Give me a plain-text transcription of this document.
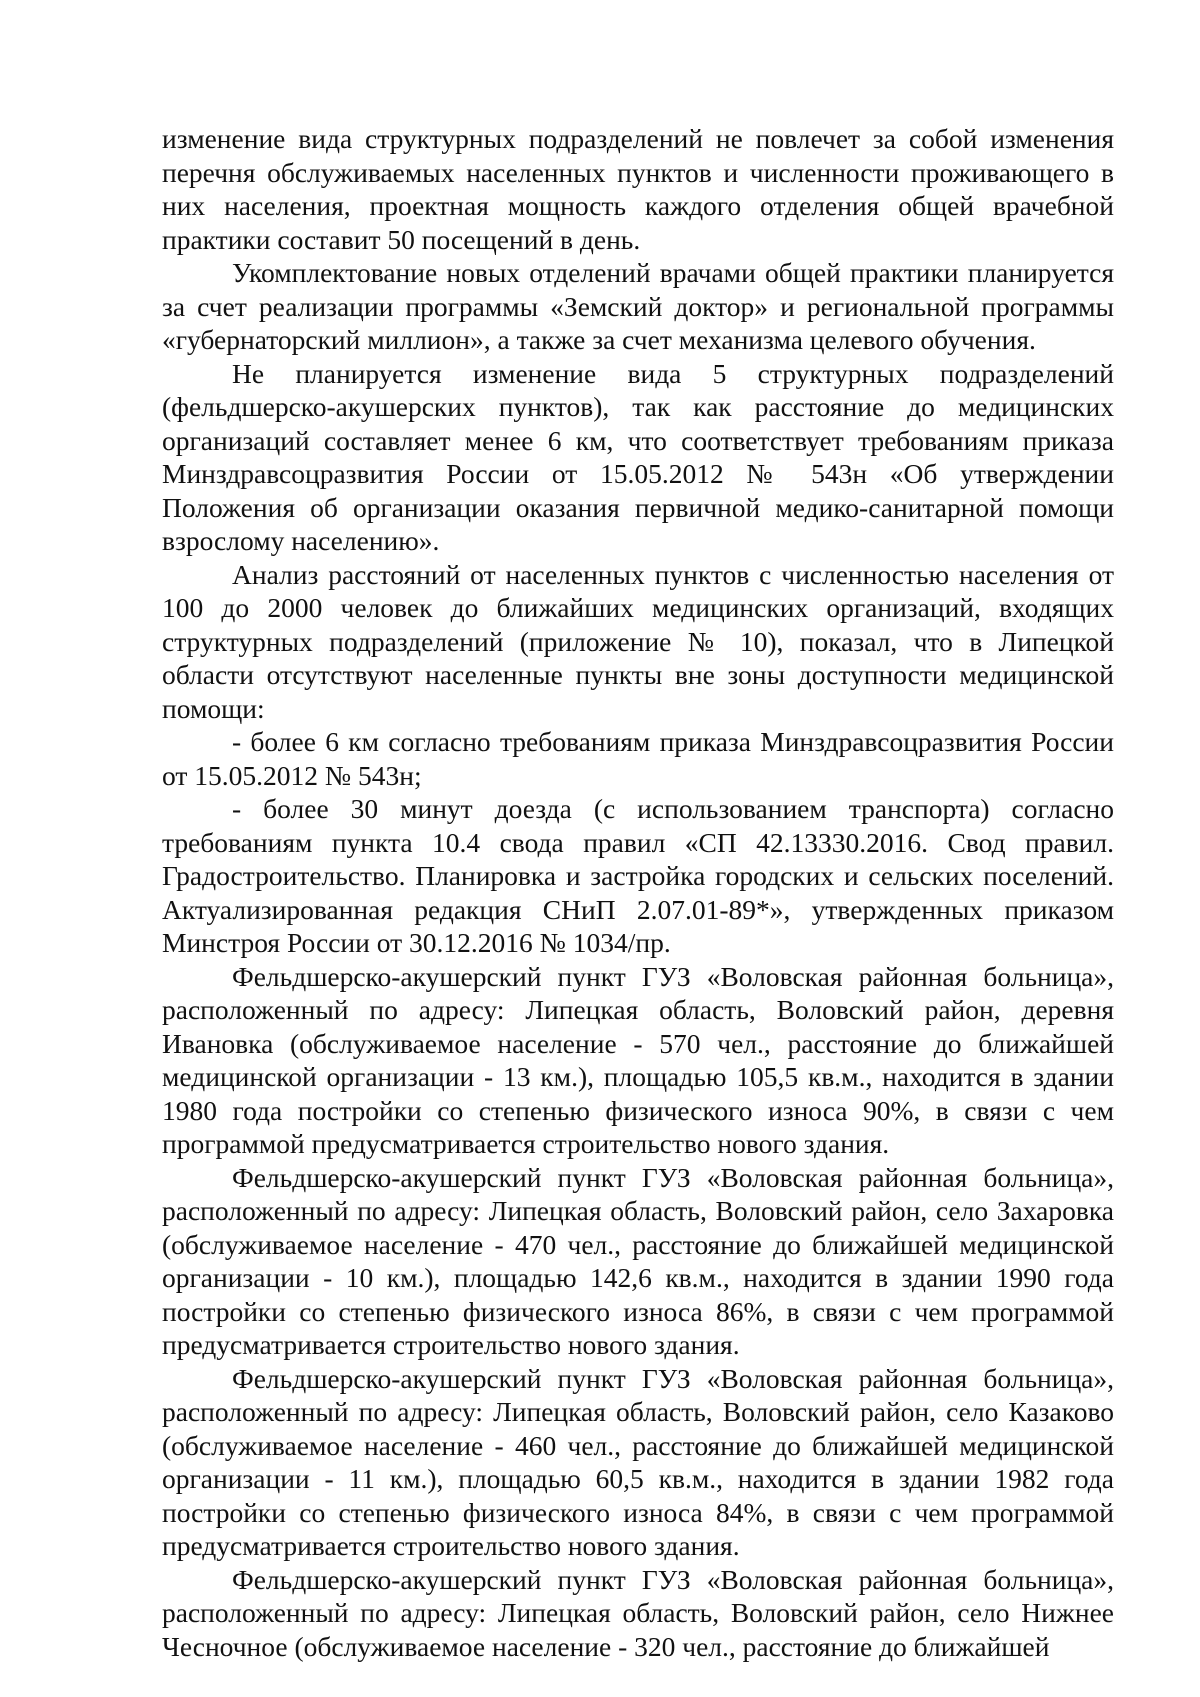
изменение вида структурных подразделений не повлечет за собой изменения перечня обслуживаемых населенных пунктов и численности проживающего в них населения, проектная мощность каждого отделения общей врачебной практики составит 50 посещений в день.

Укомплектование новых отделений врачами общей практики планируется за счет реализации программы «Земский доктор» и региональной программы «губернаторский миллион», а также за счет механизма целевого обучения.

Не планируется изменение вида 5 структурных подразделений (фельдшерско-акушерских пунктов), так как расстояние до медицинских организаций составляет менее 6 км, что соответствует требованиям приказа Минздравсоцразвития России от 15.05.2012 № 543н «Об утверждении Положения об организации оказания первичной медико-санитарной помощи взрослому населению».

Анализ расстояний от населенных пунктов с численностью населения от 100 до 2000 человек до ближайших медицинских организаций, входящих структурных подразделений (приложение № 10), показал, что в Липецкой области отсутствуют населенные пункты вне зоны доступности медицинской помощи:

- более 6 км согласно требованиям приказа Минздравсоцразвития России от 15.05.2012 № 543н;

- более 30 минут доезда (с использованием транспорта) согласно требованиям пункта 10.4 свода правил «СП 42.13330.2016. Свод правил. Градостроительство. Планировка и застройка городских и сельских поселений. Актуализированная редакция СНиП 2.07.01-89*», утвержденных приказом Минстроя России от 30.12.2016 № 1034/пр.

Фельдшерско-акушерский пункт ГУЗ «Воловская районная больница», расположенный по адресу: Липецкая область, Воловский район, деревня Ивановка (обслуживаемое население - 570 чел., расстояние до ближайшей медицинской организации - 13 км.), площадью 105,5 кв.м., находится в здании 1980 года постройки со степенью физического износа 90%, в связи с чем программой предусматривается строительство нового здания.

Фельдшерско-акушерский пункт ГУЗ «Воловская районная больница», расположенный по адресу: Липецкая область, Воловский район, село Захаровка (обслуживаемое население - 470 чел., расстояние до ближайшей медицинской организации - 10 км.), площадью 142,6 кв.м., находится в здании 1990 года постройки со степенью физического износа 86%, в связи с чем программой предусматривается строительство нового здания.

Фельдшерско-акушерский пункт ГУЗ «Воловская районная больница», расположенный по адресу: Липецкая область, Воловский район, село Казаково (обслуживаемое население - 460 чел., расстояние до ближайшей медицинской организации - 11 км.), площадью 60,5 кв.м., находится в здании 1982 года постройки со степенью физического износа 84%, в связи с чем программой предусматривается строительство нового здания.

Фельдшерско-акушерский пункт ГУЗ «Воловская районная больница», расположенный по адресу: Липецкая область, Воловский район, село Нижнее Чесночное (обслуживаемое население - 320 чел., расстояние до ближайшей
